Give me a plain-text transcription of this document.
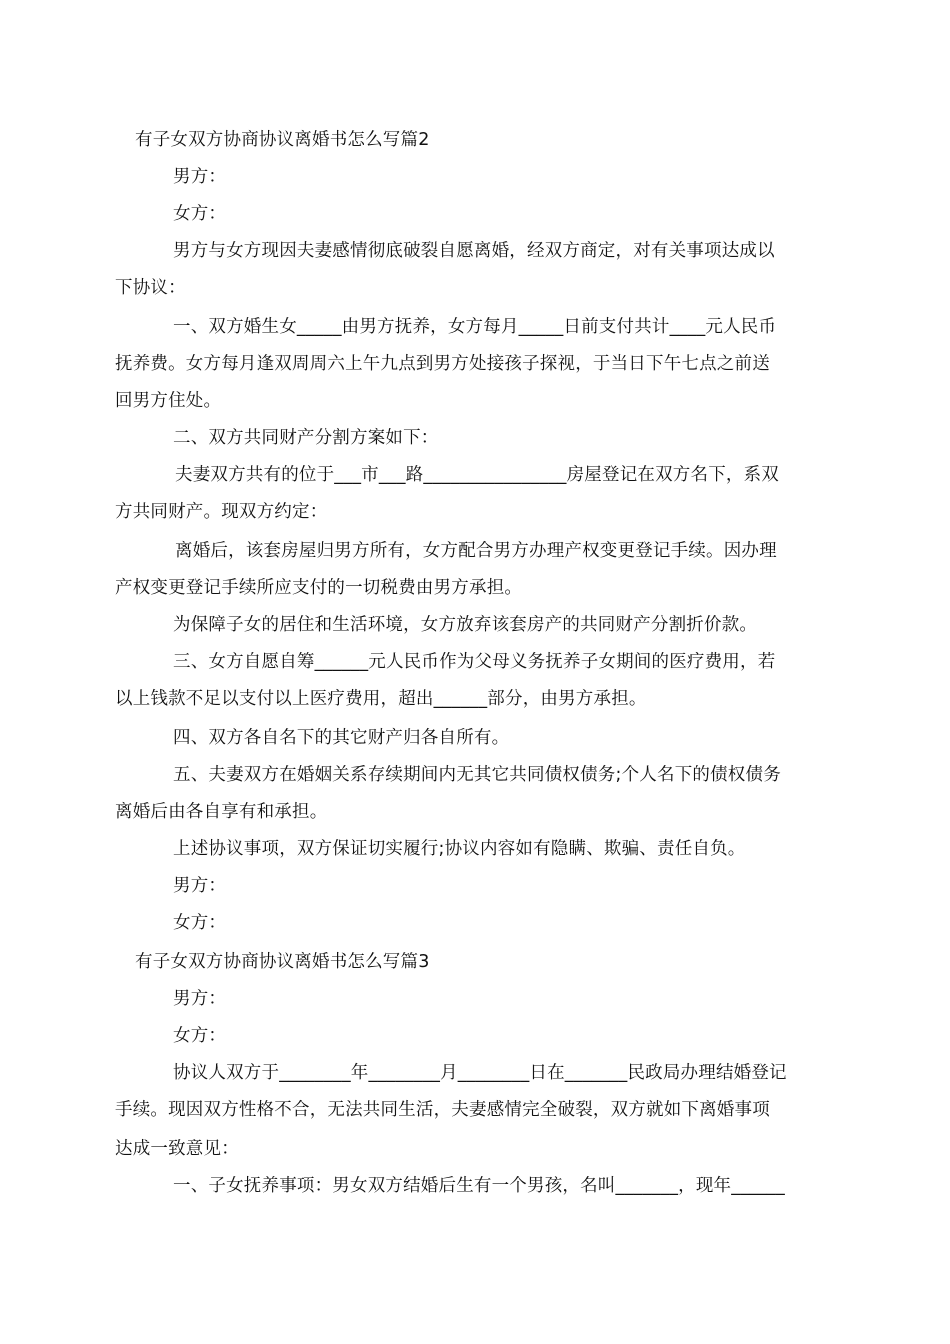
有子女双方协商协议离婚书怎么写篇2
男方：
女方：
男方与女方现因夫妻感情彻底破裂自愿离婚，经双方商定，对有关事项达成以
下协议：
一、双方婚生女_____由男方抚养，女方每月_____日前支付共计____元人民币
抚养费。女方每月逢双周周六上午九点到男方处接孩子探视，于当日下午七点之前送
回男方住处。
二、双方共同财产分割方案如下：
夫妻双方共有的位于___市___路________________房屋登记在双方名下，系双
方共同财产。现双方约定：
离婚后，该套房屋归男方所有，女方配合男方办理产权变更登记手续。因办理
产权变更登记手续所应支付的一切税费由男方承担。
为保障子女的居住和生活环境，女方放弃该套房产的共同财产分割折价款。
三、女方自愿自筹______元人民币作为父母义务抚养子女期间的医疗费用，若
以上钱款不足以支付以上医疗费用，超出______部分，由男方承担。
四、双方各自名下的其它财产归各自所有。
五、夫妻双方在婚姻关系存续期间内无其它共同债权债务;个人名下的债权债务
离婚后由各自享有和承担。
上述协议事项，双方保证切实履行;协议内容如有隐瞒、欺骗、责任自负。
男方：
女方：
有子女双方协商协议离婚书怎么写篇3
男方：
女方：
协议人双方于________年________月________日在_______民政局办理结婚登记
手续。现因双方性格不合，无法共同生活，夫妻感情完全破裂，双方就如下离婚事项
达成一致意见：
一、子女抚养事项：男女双方结婚后生有一个男孩，名叫_______，现年______
